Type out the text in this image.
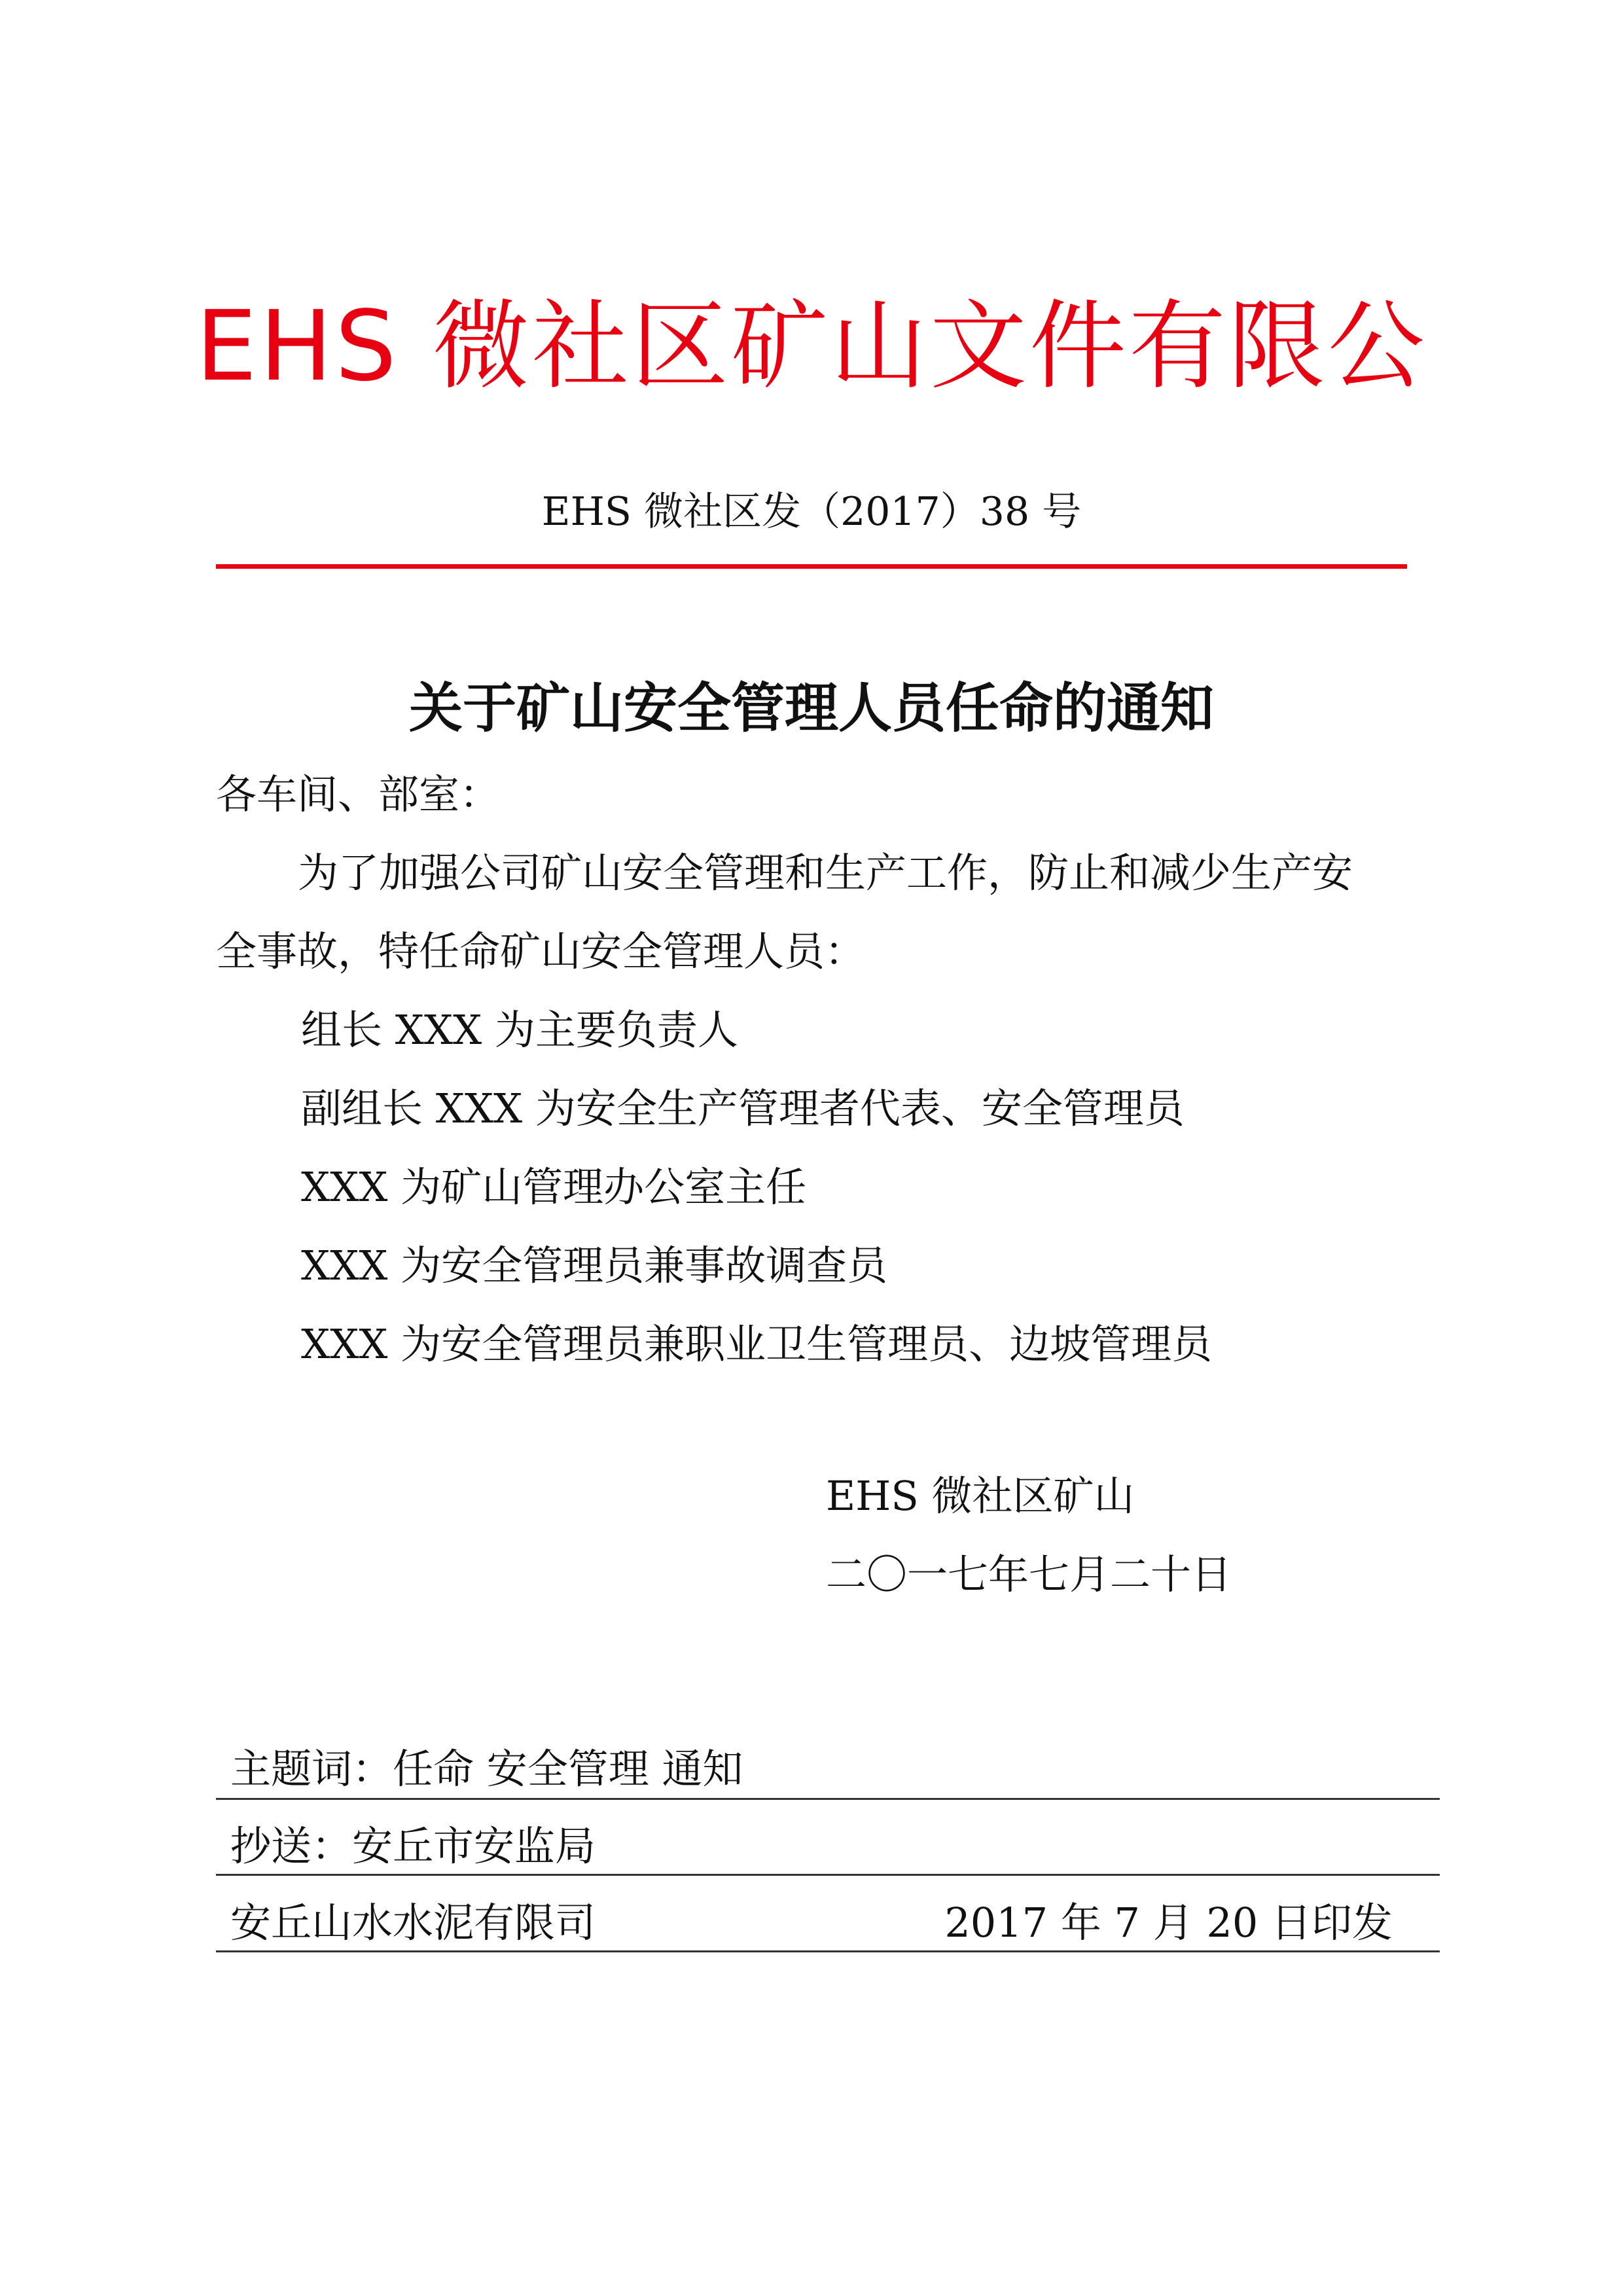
EHS 微社区矿山文件有限公
EHS 微社区发（2017）38 号
关于矿山安全管理人员任命的通知
各车间、部室：
为了加强公司矿山安全管理和生产工作，防止和减少生产安
全事故，特任命矿山安全管理人员：
组长 XXX 为主要负责人
副组长 XXX 为安全生产管理者代表、安全管理员
XXX 为矿山管理办公室主任
XXX 为安全管理员兼事故调查员
XXX 为安全管理员兼职业卫生管理员、边坡管理员
EHS 微社区矿山
二〇一七年七月二十日
主题词：任命 安全管理 通知
抄送：安丘市安监局
安丘山水水泥有限司	2017 年 7 月 20 日印发
